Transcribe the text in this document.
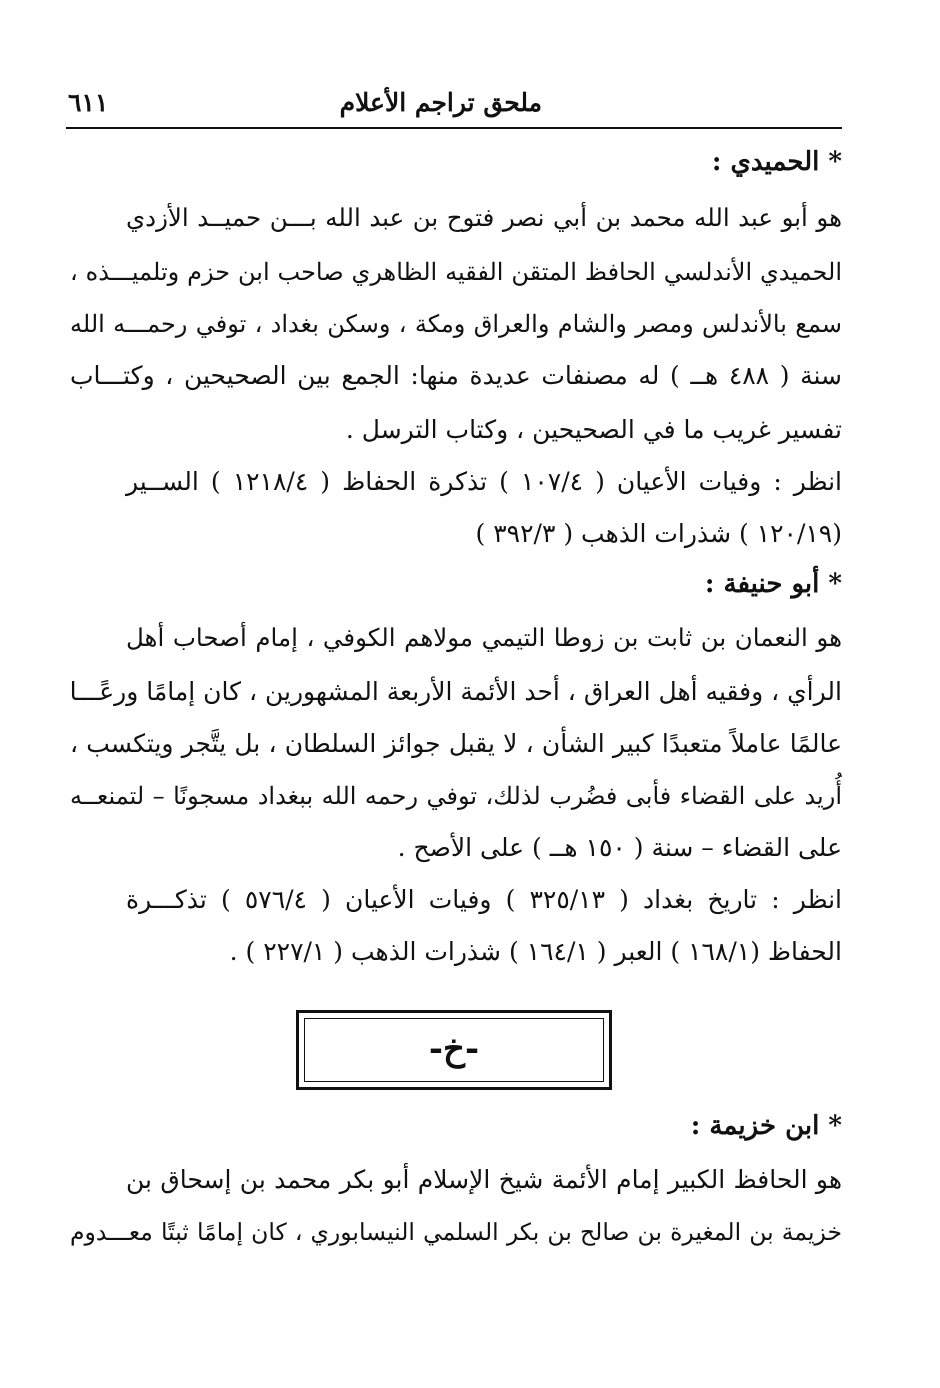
ملحق تراجم الأعلام
٦١١
* الحميدي :
هو أبو عبد الله محمد بن أبي نصر فتوح بن عبد الله بـــن حميــد الأزدي
الحميدي الأندلسي الحافظ المتقن الفقيه الظاهري صاحب ابن حزم وتلميـــذه ،
سمع بالأندلس ومصر والشام والعراق ومكة ، وسكن بغداد ، توفي رحمـــه الله
سنة ( ٤٨٨ هــ ) له مصنفات عديدة منها: الجمع بين الصحيحين ، وكتـــاب
تفسير غريب ما في الصحيحين ، وكتاب الترسل .
انظر : وفيات الأعيان ( ١٠٧/٤ ) تذكرة الحفاظ ( ١٢١٨/٤ ) الســير
(١٢٠/١٩ ) شذرات الذهب ( ٣٩٢/٣ )
* أبو حنيفة :
هو النعمان بن ثابت بن زوطا التيمي مولاهم الكوفي ، إمام أصحاب أهل
الرأي ، وفقيه أهل العراق ، أحد الأئمة الأربعة المشهورين ، كان إمامًا ورعًـــا
عالمًا عاملاً متعبدًا كبير الشأن ، لا يقبل جوائز السلطان ، بل يتَّجر ويتكسب ،
أُريد على القضاء فأبى فضُرب لذلك، توفي رحمه الله ببغداد مسجونًا – لتمنعــه
على القضاء – سنة ( ١٥٠ هــ ) على الأصح .
انظر : تاريخ بغداد ( ٣٢٥/١٣ ) وفيات الأعيان ( ٥٧٦/٤ ) تذكـــرة
الحفاظ (١٦٨/١ ) العبر ( ١٦٤/١ ) شذرات الذهب ( ٢٢٧/١ ) .
-خ-
* ابن خزيمة :
هو الحافظ الكبير إمام الأئمة شيخ الإسلام أبو بكر محمد بن إسحاق بن
خزيمة بن المغيرة بن صالح بن بكر السلمي النيسابوري ، كان إمامًا ثبتًا معـــدوم
